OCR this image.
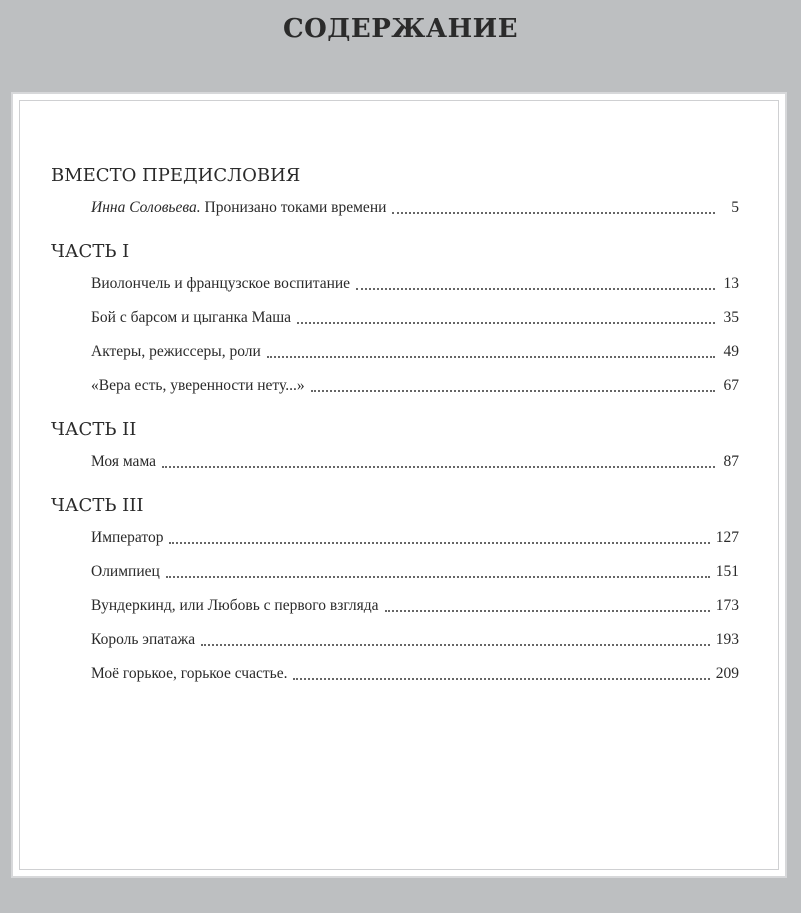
СОДЕРЖАНИЕ
ВМЕСТО ПРЕДИСЛОВИЯ
Инна Соловьева. Пронизано токами времени	5
ЧАСТЬ I
Виолончель и французское воспитание	13
Бой с барсом и цыганка Маша	35
Актеры, режиссеры, роли	49
«Вера есть, уверенности нету...»	67
ЧАСТЬ II
Моя мама	87
ЧАСТЬ III
Император	127
Олимпиец	151
Вундеркинд, или Любовь с первого взгляда	173
Король эпатажа	193
Моё горькое, горькое счастье.	209
